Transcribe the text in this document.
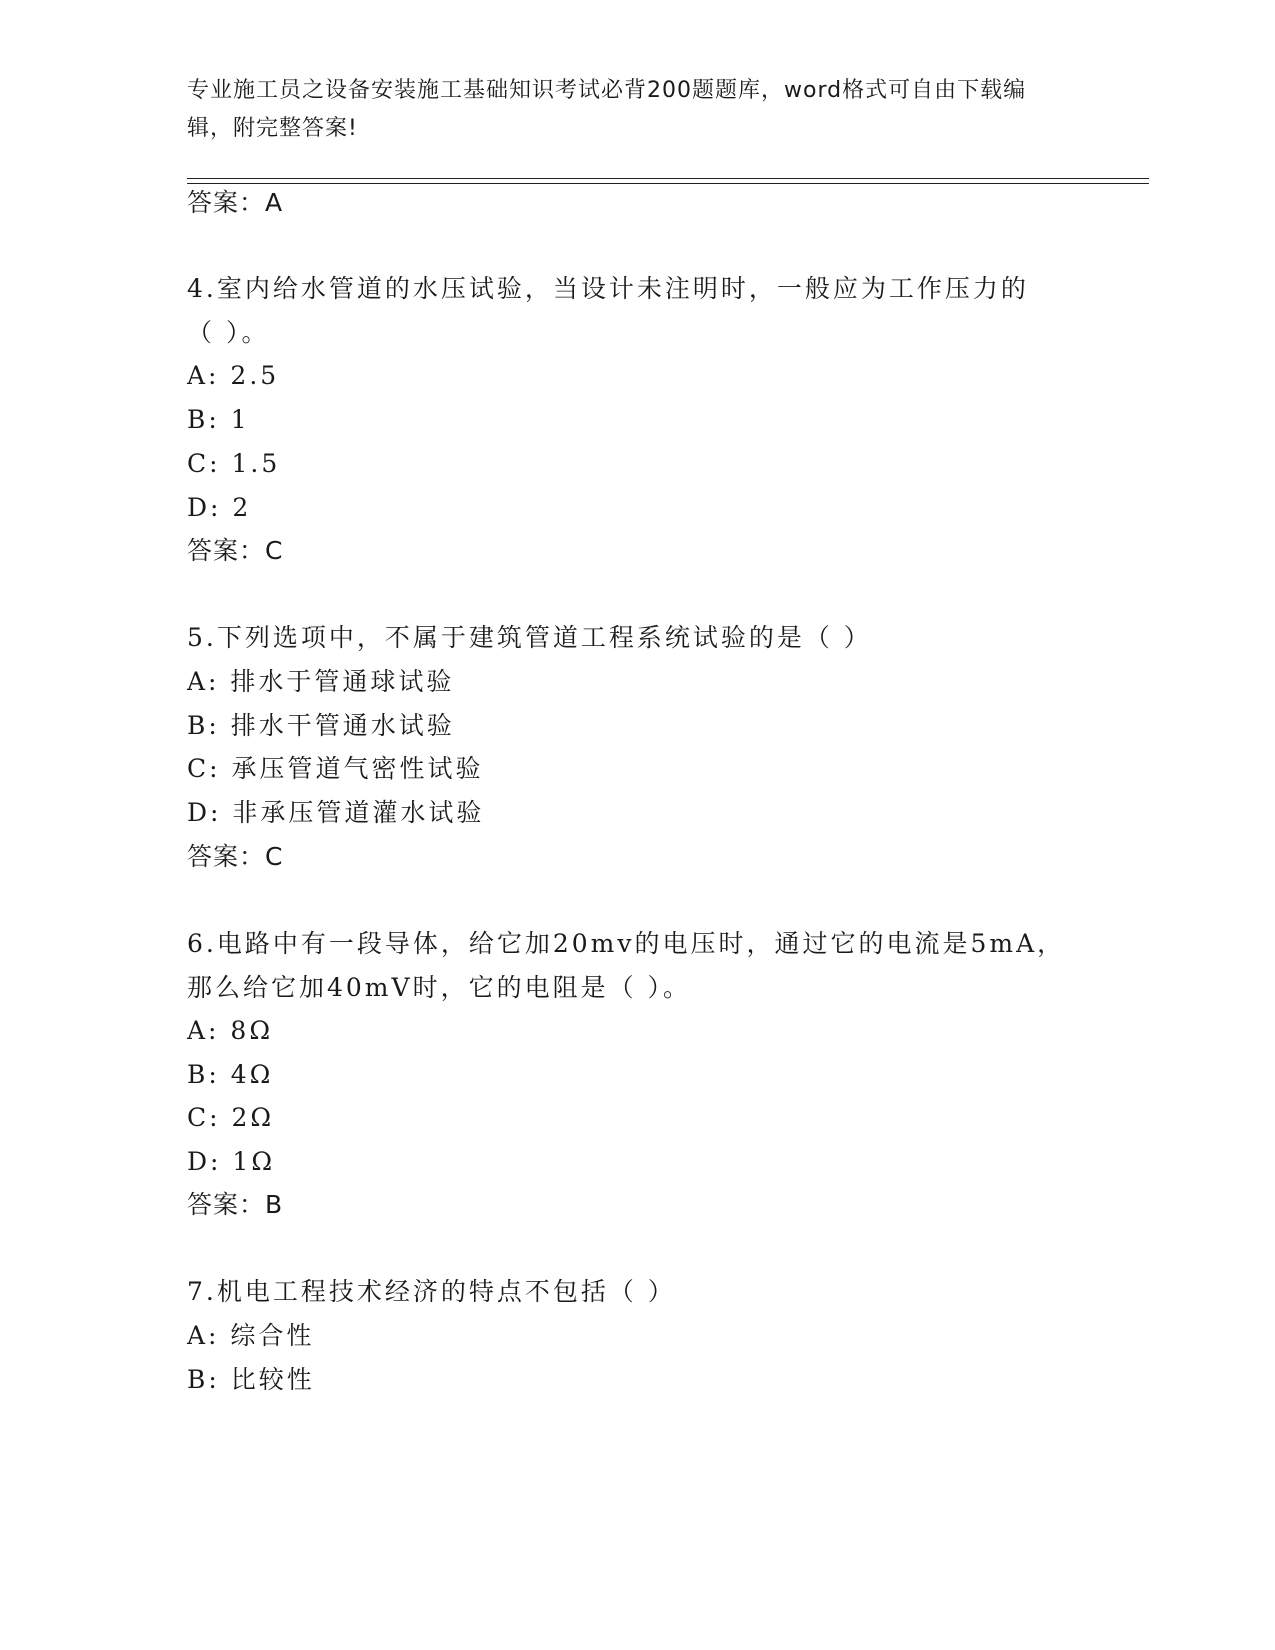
专业施工员之设备安装施工基础知识考试必背200题题库，word格式可自由下载编辑，附完整答案!
答案：A
4.室内给水管道的水压试验，当设计未注明时，一般应为工作压力的
（ ）。
A: 2.5
B: 1
C: 1.5
D: 2
答案：C
5.下列选项中，不属于建筑管道工程系统试验的是（ ）
A: 排水于管通球试验
B: 排水干管通水试验
C: 承压管道气密性试验
D: 非承压管道灌水试验
答案：C
6.电路中有一段导体，给它加20mv的电压时，通过它的电流是5mA，
那么给它加40mV时，它的电阻是（ ）。
A: 8Ω
B: 4Ω
C: 2Ω
D: 1Ω
答案：B
7.机电工程技术经济的特点不包括（ ）
A: 综合性
B: 比较性
